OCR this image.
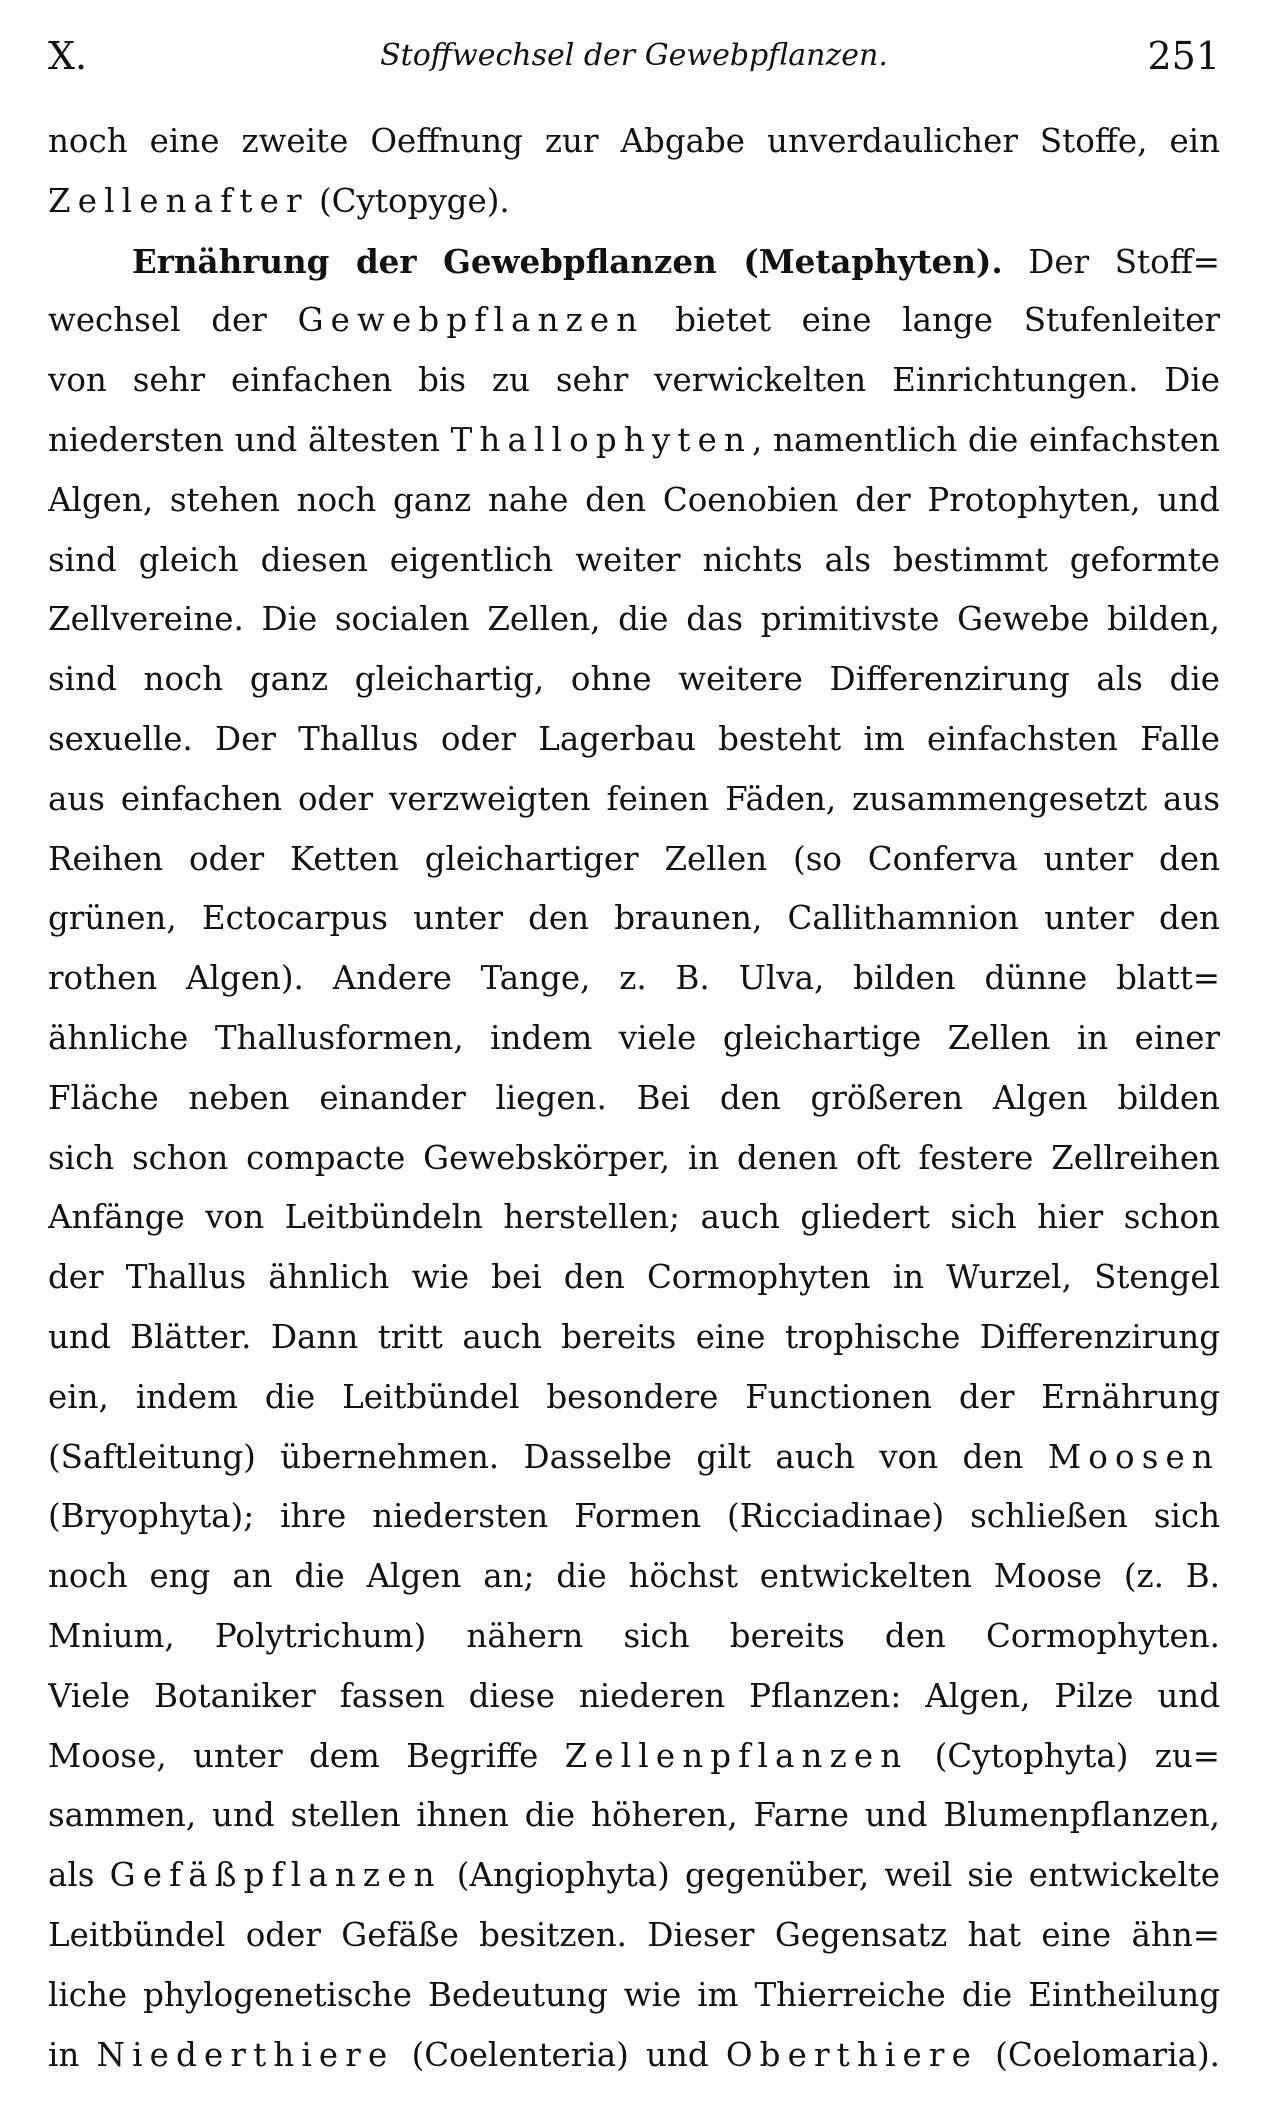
X.	Stoffwechsel der Gewebpflanzen.	251
noch eine zweite Oeffnung zur Abgabe unverdaulicher Stoffe, ein
Zellenafter (Cytopyge).
Ernährung der Gewebpflanzen (Metaphyten). Der Stoff=
wechsel der Gewebpflanzen bietet eine lange Stufenleiter
von sehr einfachen bis zu sehr verwickelten Einrichtungen. Die
niedersten und ältesten Thallophyten, namentlich die einfachsten
Algen, stehen noch ganz nahe den Coenobien der Protophyten, und
sind gleich diesen eigentlich weiter nichts als bestimmt geformte
Zellvereine. Die socialen Zellen, die das primitivste Gewebe bilden,
sind noch ganz gleichartig, ohne weitere Differenzirung als die
sexuelle. Der Thallus oder Lagerbau besteht im einfachsten Falle
aus einfachen oder verzweigten feinen Fäden, zusammengesetzt aus
Reihen oder Ketten gleichartiger Zellen (so Conferva unter den
grünen, Ectocarpus unter den braunen, Callithamnion unter den
rothen Algen). Andere Tange, z. B. Ulva, bilden dünne blatt=
ähnliche Thallusformen, indem viele gleichartige Zellen in einer
Fläche neben einander liegen. Bei den größeren Algen bilden
sich schon compacte Gewebskörper, in denen oft festere Zellreihen
Anfänge von Leitbündeln herstellen; auch gliedert sich hier schon
der Thallus ähnlich wie bei den Cormophyten in Wurzel, Stengel
und Blätter. Dann tritt auch bereits eine trophische Differenzirung
ein, indem die Leitbündel besondere Functionen der Ernährung
(Saftleitung) übernehmen. Dasselbe gilt auch von den Moosen
(Bryophyta); ihre niedersten Formen (Ricciadinae) schließen sich
noch eng an die Algen an; die höchst entwickelten Moose (z. B.
Mnium, Polytrichum) nähern sich bereits den Cormophyten.
Viele Botaniker fassen diese niederen Pflanzen: Algen, Pilze und
Moose, unter dem Begriffe Zellenpflanzen (Cytophyta) zu=
sammen, und stellen ihnen die höheren, Farne und Blumenpflanzen,
als Gefäßpflanzen (Angiophyta) gegenüber, weil sie entwickelte
Leitbündel oder Gefäße besitzen. Dieser Gegensatz hat eine ähn=
liche phylogenetische Bedeutung wie im Thierreiche die Eintheilung
in Niederthiere (Coelenteria) und Oberthiere (Coelomaria).
